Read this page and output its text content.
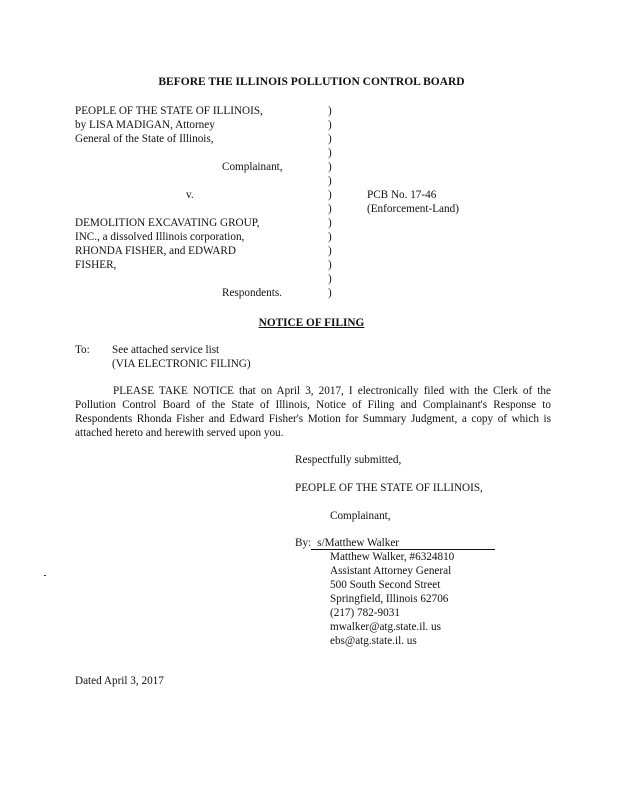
BEFORE THE ILLINOIS POLLUTION CONTROL BOARD
PEOPLE OF THE STATE OF ILLINOIS,
by LISA MADIGAN, Attorney
General of the State of Illinois,
Complainant,
v.
DEMOLITION EXCAVATING GROUP,
INC., a dissolved Illinois corporation,
RHONDA FISHER, and EDWARD
FISHER,
Respondents.
)
)
)
)
)
)
)
)
)
)
)
)
)
)
PCB No. 17-46
(Enforcement-Land)
NOTICE OF FILING
To: See attached service list
(VIA ELECTRONIC FILING)
PLEASE TAKE NOTICE that on April 3, 2017, I electronically filed with the Clerk of the Pollution Control Board of the State of Illinois, Notice of Filing and Complainant's Response to Respondents Rhonda Fisher and Edward Fisher's Motion for Summary Judgment, a copy of which is attached hereto and herewith served upon you.
Respectfully submitted,
PEOPLE OF THE STATE OF ILLINOIS,
Complainant,
By: s/Matthew Walker
Matthew Walker, #6324810
Assistant Attorney General
500 South Second Street
Springfield, Illinois 62706
(217) 782-9031
mwalker@atg.state.il. us
ebs@atg.state.il. us
Dated April 3, 2017
